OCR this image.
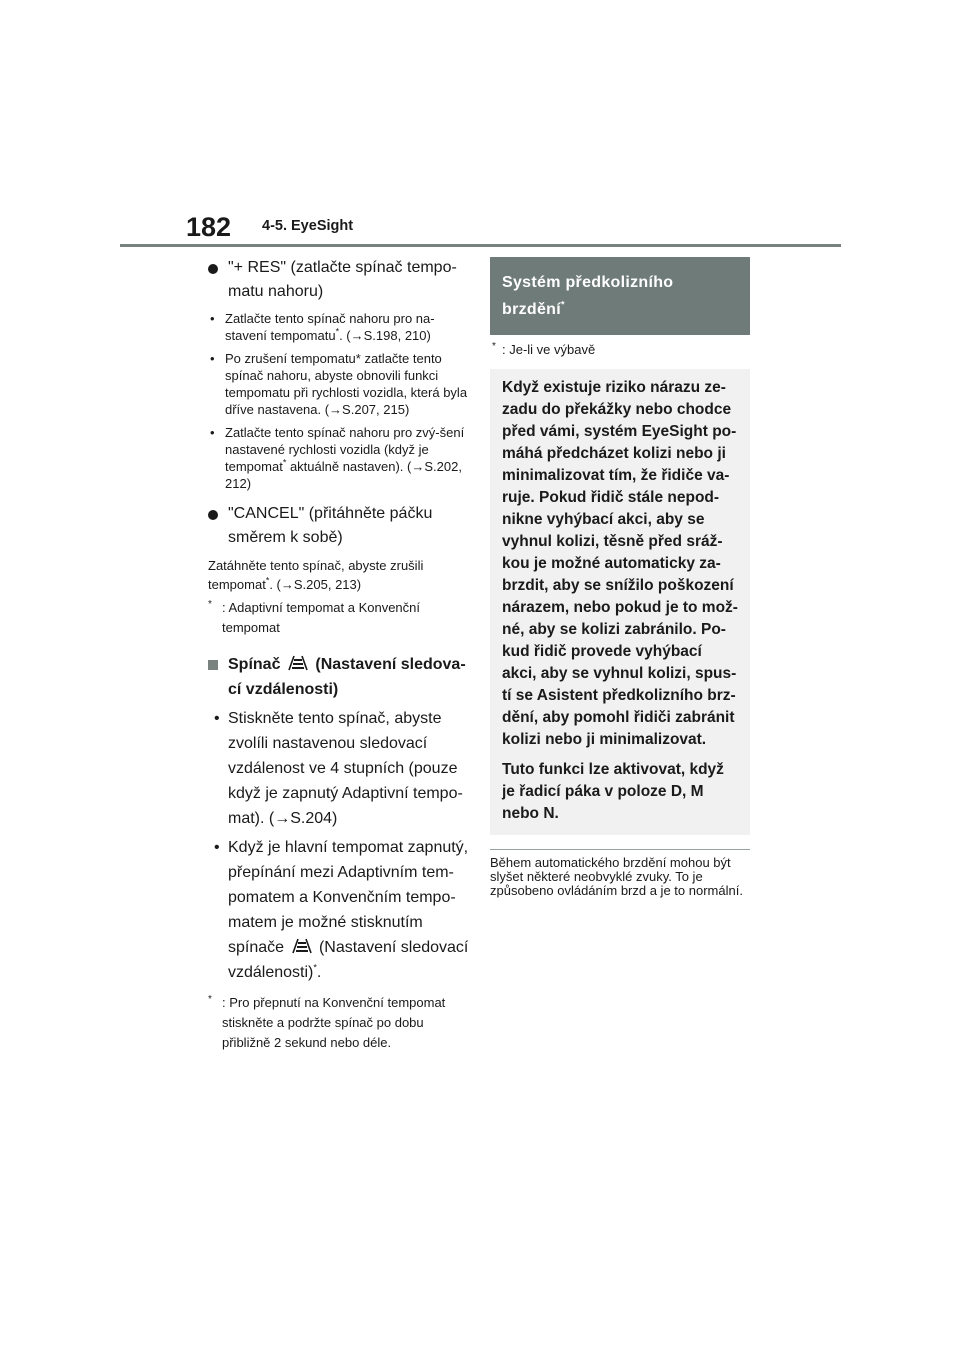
182 4-5. EyeSight
"+ RES" (zatlačte spínač tempo-matu nahoru)
• Zatlačte tento spínač nahoru pro na-stavení tempomatu*. (→S.198, 210)
• Po zrušení tempomatu* zatlačte tento spínač nahoru, abyste obnovili funkci tempomatu při rychlosti vozidla, která byla dříve nastavena. (→S.207, 215)
• Zatlačte tento spínač nahoru pro zvý-šení nastavené rychlosti vozidla (když je tempomat* aktuálně nastaven). (→S.202, 212)
"CANCEL" (přitáhněte páčku směrem k sobě)
Zatáhněte tento spínač, abyste zrušili tempomat*. (→S.205, 213)
* : Adaptivní tempomat a Konvenční tempomat
Spínač (Nastavení sledova-cí vzdálenosti)
• Stiskněte tento spínač, abyste zvolíli nastavenou sledovací vzdálenost ve 4 stupních (pouze když je zapnutý Adaptivní tempo-mat). (→S.204)
• Když je hlavní tempomat zapnutý, přepínání mezi Adaptivním tem-pomatem a Konvenčním tempo-matem je možné stisknutím spínače (Nastavení sledovací vzdálenosti)*.
* : Pro přepnutí na Konvenční tempomat stiskněte a podržte spínač po dobu přibližně 2 sekund nebo déle.
Systém předkolizního brzdění*
* : Je-li ve výbavě

Když existuje riziko nárazu ze-zadu do překážky nebo chodce před vámi, systém EyeSight po-máhá předcházet kolizi nebo ji minimalizovat tím, že řidiče va-ruje. Pokud řidič stále nepod-nikne vyhýbací akci, aby se vyhnul kolizi, těsně před sráž-kou je možné automaticky za-brzdit, aby se snížilo poškození nárazem, nebo pokud je to mož-né, aby se kolizi zabránilo. Po-kud řidič provede vyhýbací akci, aby se vyhnul kolizi, spus-tí se Asistent předkolizního brz-dění, aby pomohl řidiči zabránit kolizi nebo ji minimalizovat.

Tuto funkci lze aktivovat, když je řadicí páka v poloze D, M nebo N.

Během automatického brzdění mohou být slyšet některé neobvyklé zvuky. To je způsobeno ovládáním brzd a je to normální.
